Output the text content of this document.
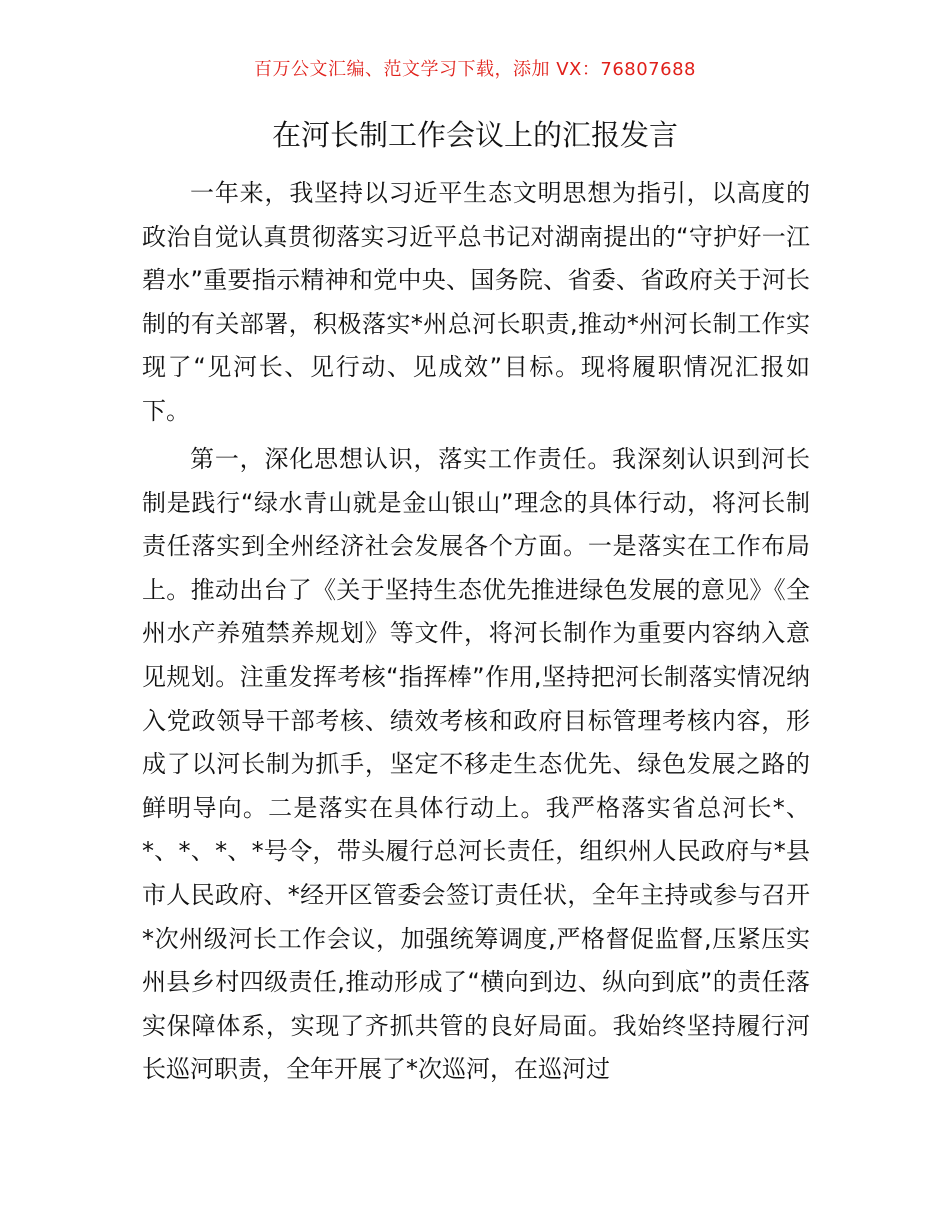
百万公文汇编、范文学习下载，添加 VX：76807688
在河长制工作会议上的汇报发言

一年来，我坚持以习近平生态文明思想为指引，以高度的政治自觉认真贯彻落实习近平总书记对湖南提出的“守护好一江碧水”重要指示精神和党中央、国务院、省委、省政府关于河长制的有关部署，积极落实*州总河长职责,推动*州河长制工作实现了“见河长、见行动、见成效”目标。现将履职情况汇报如下。

第一，深化思想认识，落实工作责任。我深刻认识到河长制是践行“绿水青山就是金山银山”理念的具体行动，将河长制责任落实到全州经济社会发展各个方面。一是落实在工作布局上。推动出台了《关于坚持生态优先推进绿色发展的意见》《全州水产养殖禁养规划》等文件，将河长制作为重要内容纳入意见规划。注重发挥考核“指挥棒”作用,坚持把河长制落实情况纳入党政领导干部考核、绩效考核和政府目标管理考核内容，形成了以河长制为抓手，坚定不移走生态优先、绿色发展之路的鲜明导向。二是落实在具体行动上。我严格落实省总河长*、*、*、*、*号令，带头履行总河长责任，组织州人民政府与*县市人民政府、*经开区管委会签订责任状，全年主持或参与召开*次州级河长工作会议，加强统筹调度,严格督促监督,压紧压实州县乡村四级责任,推动形成了“横向到边、纵向到底”的责任落实保障体系，实现了齐抓共管的良好局面。我始终坚持履行河长巡河职责，全年开展了*次巡河，在巡河过
